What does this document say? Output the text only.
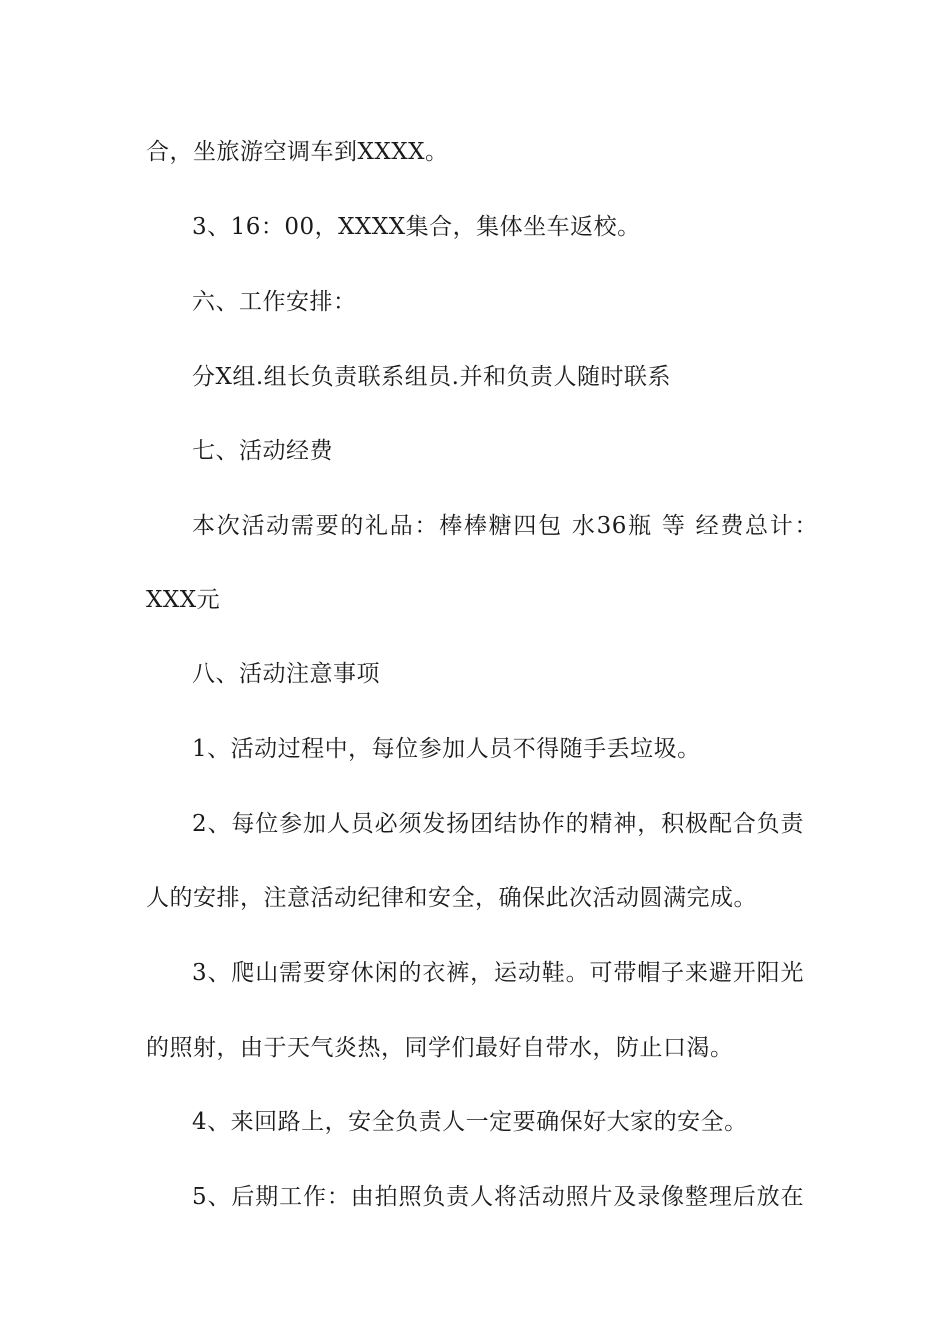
合，坐旅游空调车到XXXX。

3、16：00，XXXX集合，集体坐车返校。

六、工作安排：

分X组.组长负责联系组员.并和负责人随时联系

七、活动经费

本次活动需要的礼品：棒棒糖四包 水36瓶 等 经费总计：

XXX元

八、活动注意事项

1、活动过程中，每位参加人员不得随手丢垃圾。

2、每位参加人员必须发扬团结协作的精神，积极配合负责

人的安排，注意活动纪律和安全，确保此次活动圆满完成。

3、爬山需要穿休闲的衣裤，运动鞋。可带帽子来避开阳光

的照射，由于天气炎热，同学们最好自带水，防止口渴。

4、来回路上，安全负责人一定要确保好大家的安全。

5、后期工作：由拍照负责人将活动照片及录像整理后放在
